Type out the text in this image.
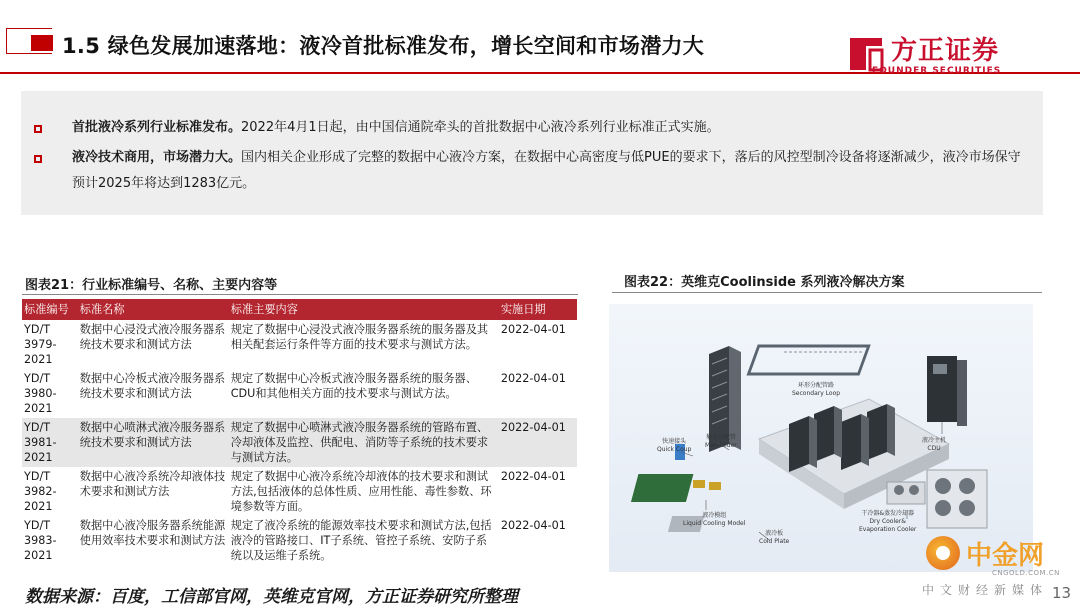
1.5 绿色发展加速落地：液冷首批标准发布，增长空间和市场潜力大	方正证券
FOUNDER SECURITIES
首批液冷系列行业标准发布。2022年4月1日起，由中国信通院牵头的首批数据中心液冷系列行业标准正式实施。
液冷技术商用，市场潜力大。国内相关企业形成了完整的数据中心液冷方案，在数据中心高密度与低PUE的要求下，落后的风控型制冷设备将逐渐减少，液冷市场保守预计2025年将达到1283亿元。
图表21：行业标准编号、名称、主要内容等
标准编号	标准名称	标准主要内容	实施日期
YD/T 3979-2021	数据中心浸没式液冷服务器系统技术要求和测试方法	规定了数据中心浸没式液冷服务器系统的服务器及其相关配套运行条件等方面的技术要求与测试方法。	2022-04-01
YD/T 3980-2021	数据中心冷板式液冷服务器系统技术要求和测试方法	规定了数据中心冷板式液冷服务器系统的服务器、CDU和其他相关方面的技术要求与测试方法。	2022-04-01
YD/T 3981-2021	数据中心喷淋式液冷服务器系统技术要求和测试方法	规定了数据中心喷淋式液冷服务器系统的管路布置、冷却液体及监控、供配电、消防等子系统的技术要求与测试方法。	2022-04-01
YD/T 3982-2021	数据中心液冷系统冷却液体技术要求和测试方法	规定了数据中心液冷系统冷却液体的技术要求和测试方法,包括液体的总体性质、应用性能、毒性参数、环境参数等方面。	2022-04-01
YD/T 3983-2021	数据中心液冷服务器系统能源使用效率技术要求和测试方法	规定了液冷系统的能源效率技术要求和测试方法,包括液冷的管路接口、IT子系统、管控子系统、安防子系统以及运维子系统。	2022-04-01
图表22：英维克Coolinside 系列液冷解决方案
环形分配管路
Secondary Loop
快速接头
Quick Coup
集水分配管
Manifolder
液冷主机
CDU
液冷模组
Liquid Cooling Model
液冷板
Cold Plate
干冷器&蒸发冷却器
Dry Cooler&
Evaporation Cooler
中金网
CNGOLD.COM.CN
中文财经新媒体
数据来源：百度，工信部官网，英维克官网，方正证券研究所整理	13
